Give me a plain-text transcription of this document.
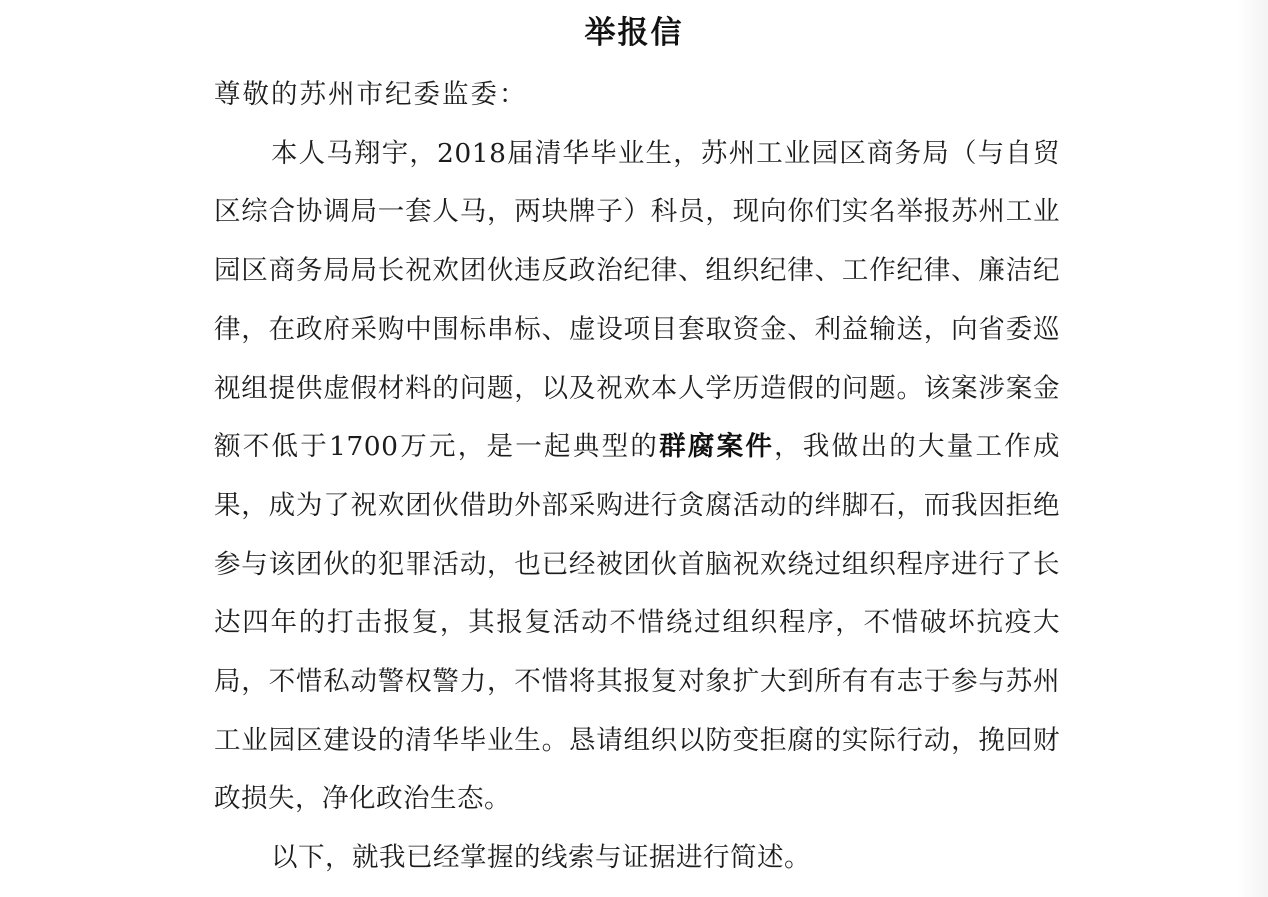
举报信

尊敬的苏州市纪委监委：

本人马翔宇，2018届清华毕业生，苏州工业园区商务局（与自贸区综合协调局一套人马，两块牌子）科员，现向你们实名举报苏州工业园区商务局局长祝欢团伙违反政治纪律、组织纪律、工作纪律、廉洁纪律，在政府采购中围标串标、虚设项目套取资金、利益输送，向省委巡视组提供虚假材料的问题，以及祝欢本人学历造假的问题。该案涉案金额不低于1700万元，是一起典型的群腐案件，我做出的大量工作成果，成为了祝欢团伙借助外部采购进行贪腐活动的绊脚石，而我因拒绝参与该团伙的犯罪活动，也已经被团伙首脑祝欢绕过组织程序进行了长达四年的打击报复，其报复活动不惜绕过组织程序，不惜破坏抗疫大局，不惜私动警权警力，不惜将其报复对象扩大到所有有志于参与苏州工业园区建设的清华毕业生。恳请组织以防变拒腐的实际行动，挽回财政损失，净化政治生态。

以下，就我已经掌握的线索与证据进行简述。
